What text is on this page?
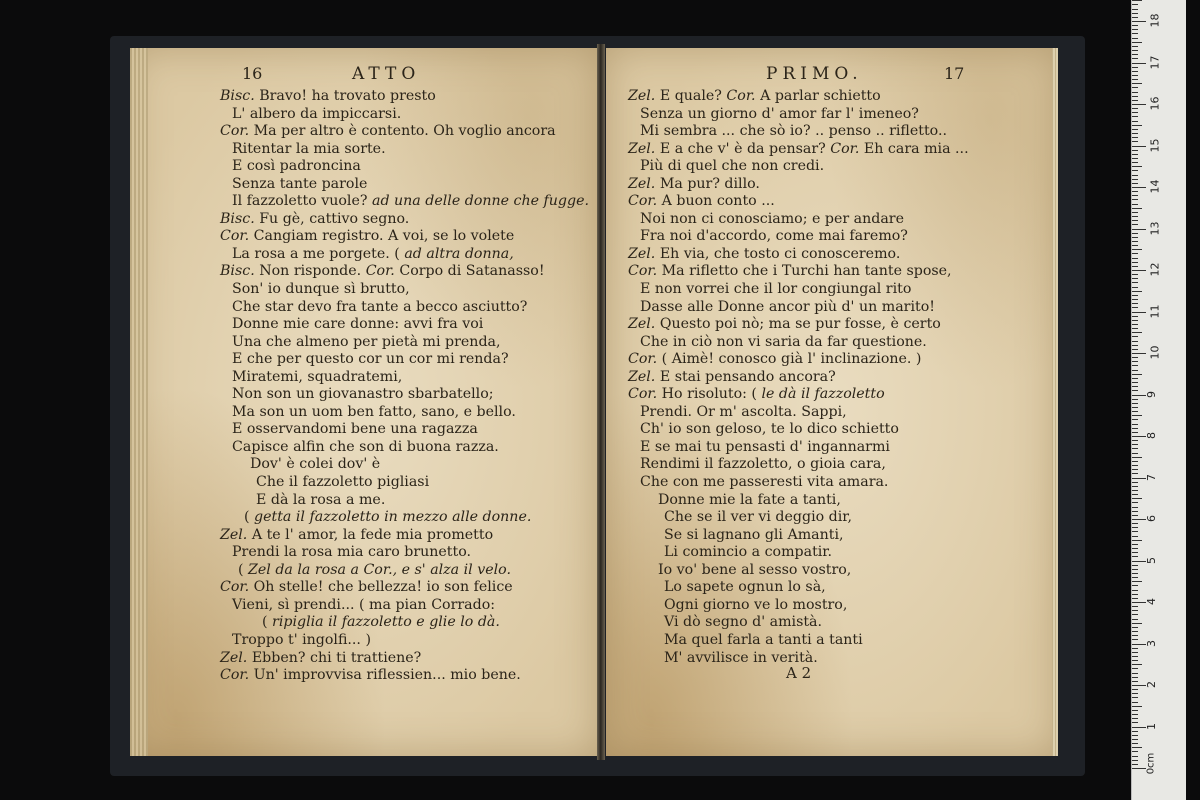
16	ATTO
Bisc. Bravo! ha trovato presto
L' albero da impiccarsi.
Cor. Ma per altro è contento. Oh voglio ancora
Ritentar la mia sorte.
E così padroncina
Senza tante parole
Il fazzoletto vuole? ad una delle donne che fugge.
Bisc. Fu gè, cattivo segno.
Cor. Cangiam registro. A voi, se lo volete
La rosa a me porgete. ( ad altra donna,
Bisc. Non risponde. Cor. Corpo di Satanasso!
Son' io dunque sì brutto,
Che star devo fra tante a becco asciutto?
Donne mie care donne: avvi fra voi
Una che almeno per pietà mi prenda,
E che per questo cor un cor mi renda?
Miratemi, squadratemi,
Non son un giovanastro sbarbatello;
Ma son un uom ben fatto, sano, e bello.
E osservandomi bene una ragazza
Capisce alfin che son di buona razza.
Dov' è colei dov' è
Che il fazzoletto pigliasi
E dà la rosa a me.
( getta il fazzoletto in mezzo alle donne.
Zel. A te l' amor, la fede mia prometto
Prendi la rosa mia caro brunetto.
( Zel da la rosa a Cor., e s' alza il velo.
Cor. Oh stelle! che bellezza! io son felice
Vieni, sì prendi... ( ma pian Corrado:
( ripiglia il fazzoletto e glie lo dà.
Troppo t' ingolfi... )
Zel. Ebben? chi ti trattiene?
Cor. Un' improvvisa riflessien... mio bene.
PRIMO.	17
Zel. E quale? Cor. A parlar schietto
Senza un giorno d' amor far l' imeneo?
Mi sembra ... che sò io? .. penso .. rifletto..
Zel. E a che v' è da pensar? Cor. Eh cara mia ...
Più di quel che non credi.
Zel. Ma pur? dillo.
Cor. A buon conto ...
Noi non ci conosciamo; e per andare
Fra noi d'accordo, come mai faremo?
Zel. Eh via, che tosto ci conosceremo.
Cor. Ma rifletto che i Turchi han tante spose,
E non vorrei che il lor congiungal rito
Dasse alle Donne ancor più d' un marito!
Zel. Questo poi nò; ma se pur fosse, è certo
Che in ciò non vi saria da far questione.
Cor. ( Aimè! conosco già l' inclinazione. )
Zel. E stai pensando ancora?
Cor. Ho risoluto: ( le dà il fazzoletto
Prendi. Or m' ascolta. Sappi,
Ch' io son geloso, te lo dico schietto
E se mai tu pensasti d' ingannarmi
Rendimi il fazzoletto, o gioia cara,
Che con me passeresti vita amara.
Donne mie la fate a tanti,
Che se il ver vi deggio dir,
Se si lagnano gli Amanti,
Li comincio a compatir.
Io vo' bene al sesso vostro,
Lo sapete ognun lo sà,
Ogni giorno ve lo mostro,
Vi dò segno d' amistà.
Ma quel farla a tanti a tanti
M' avvilisce in verità.
A 2
0cm
1
2
3
4
5
6
7
8
9
10
11
12
13
14
15
16
17
18
